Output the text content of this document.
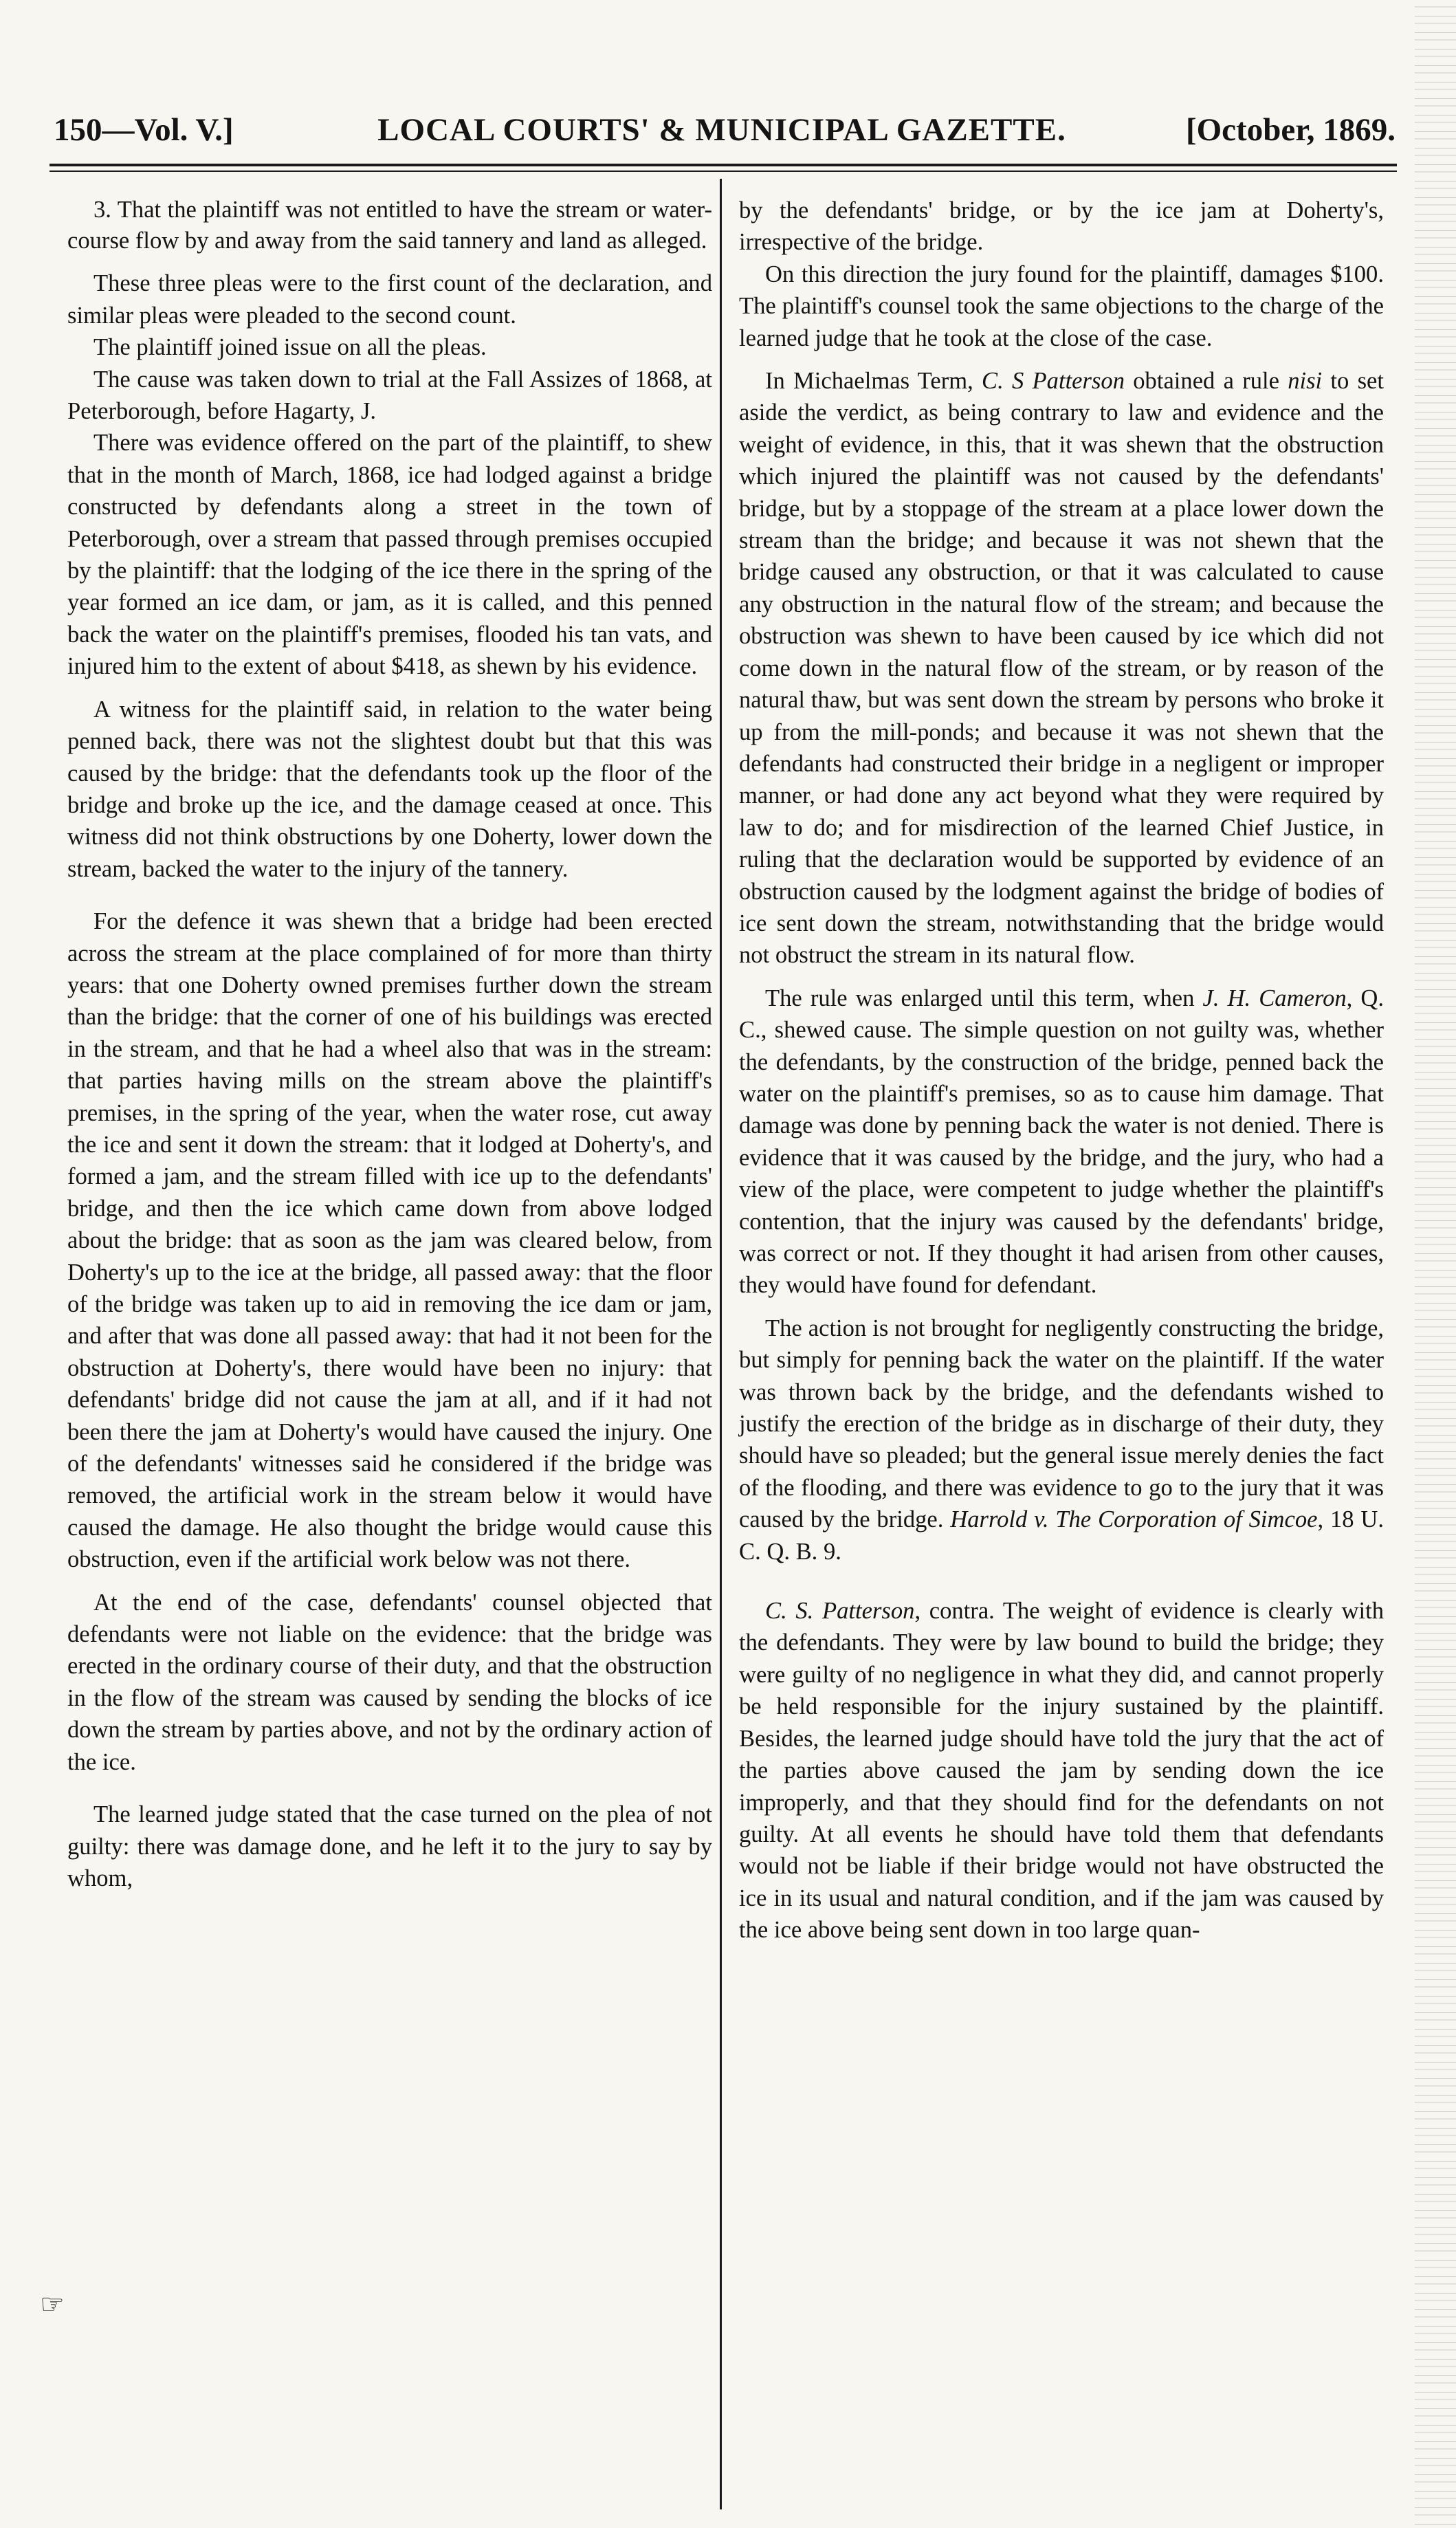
150—Vol. V.]	LOCAL COURTS' & MUNICIPAL GAZETTE.	[October, 1869.

3. That the plaintiff was not entitled to have the stream or water-course flow by and away from the said tannery and land as alleged.

These three pleas were to the first count of the declaration, and similar pleas were pleaded to the second count.

The plaintiff joined issue on all the pleas.

The cause was taken down to trial at the Fall Assizes of 1868, at Peterborough, before Hagarty, J.

There was evidence offered on the part of the plaintiff, to shew that in the month of March, 1868, ice had lodged against a bridge constructed by defendants along a street in the town of Peterborough, over a stream that passed through premises occupied by the plaintiff: that the lodging of the ice there in the spring of the year formed an ice dam, or jam, as it is called, and this penned back the water on the plaintiff's premises, flooded his tan vats, and injured him to the extent of about $418, as shewn by his evidence.

A witness for the plaintiff said, in relation to the water being penned back, there was not the slightest doubt but that this was caused by the bridge: that the defendants took up the floor of the bridge and broke up the ice, and the damage ceased at once. This witness did not think obstructions by one Doherty, lower down the stream, backed the water to the injury of the tannery.

For the defence it was shewn that a bridge had been erected across the stream at the place complained of for more than thirty years: that one Doherty owned premises further down the stream than the bridge: that the corner of one of his buildings was erected in the stream, and that he had a wheel also that was in the stream: that parties having mills on the stream above the plaintiff's premises, in the spring of the year, when the water rose, cut away the ice and sent it down the stream: that it lodged at Doherty's, and formed a jam, and the stream filled with ice up to the defendants' bridge, and then the ice which came down from above lodged about the bridge: that as soon as the jam was cleared below, from Doherty's up to the ice at the bridge, all passed away: that the floor of the bridge was taken up to aid in removing the ice dam or jam, and after that was done all passed away: that had it not been for the obstruction at Doherty's, there would have been no injury: that defendants' bridge did not cause the jam at all, and if it had not been there the jam at Doherty's would have caused the injury. One of the defendants' witnesses said he considered if the bridge was removed, the artificial work in the stream below it would have caused the damage. He also thought the bridge would cause this obstruction, even if the artificial work below was not there.

At the end of the case, defendants' counsel objected that defendants were not liable on the evidence: that the bridge was erected in the ordinary course of their duty, and that the obstruction in the flow of the stream was caused by sending the blocks of ice down the stream by parties above, and not by the ordinary action of the ice.

The learned judge stated that the case turned on the plea of not guilty: there was damage done, and he left it to the jury to say by whom,

☞

by the defendants' bridge, or by the ice jam at Doherty's, irrespective of the bridge.

On this direction the jury found for the plaintiff, damages $100. The plaintiff's counsel took the same objections to the charge of the learned judge that he took at the close of the case.

In Michaelmas Term, C. S Patterson obtained a rule nisi to set aside the verdict, as being contrary to law and evidence and the weight of evidence, in this, that it was shewn that the obstruction which injured the plaintiff was not caused by the defendants' bridge, but by a stoppage of the stream at a place lower down the stream than the bridge; and because it was not shewn that the bridge caused any obstruction, or that it was calculated to cause any obstruction in the natural flow of the stream; and because the obstruction was shewn to have been caused by ice which did not come down in the natural flow of the stream, or by reason of the natural thaw, but was sent down the stream by persons who broke it up from the mill-ponds; and because it was not shewn that the defendants had constructed their bridge in a negligent or improper manner, or had done any act beyond what they were required by law to do; and for misdirection of the learned Chief Justice, in ruling that the declaration would be supported by evidence of an obstruction caused by the lodgment against the bridge of bodies of ice sent down the stream, notwithstanding that the bridge would not obstruct the stream in its natural flow.

The rule was enlarged until this term, when J. H. Cameron, Q. C., shewed cause. The simple question on not guilty was, whether the defendants, by the construction of the bridge, penned back the water on the plaintiff's premises, so as to cause him damage. That damage was done by penning back the water is not denied. There is evidence that it was caused by the bridge, and the jury, who had a view of the place, were competent to judge whether the plaintiff's contention, that the injury was caused by the defendants' bridge, was correct or not. If they thought it had arisen from other causes, they would have found for defendant.

The action is not brought for negligently constructing the bridge, but simply for penning back the water on the plaintiff. If the water was thrown back by the bridge, and the defendants wished to justify the erection of the bridge as in discharge of their duty, they should have so pleaded; but the general issue merely denies the fact of the flooding, and there was evidence to go to the jury that it was caused by the bridge. Harrold v. The Corporation of Simcoe, 18 U. C. Q. B. 9.

C. S. Patterson, contra. The weight of evidence is clearly with the defendants. They were by law bound to build the bridge; they were guilty of no negligence in what they did, and cannot properly be held responsible for the injury sustained by the plaintiff. Besides, the learned judge should have told the jury that the act of the parties above caused the jam by sending down the ice improperly, and that they should find for the defendants on not guilty. At all events he should have told them that defendants would not be liable if their bridge would not have obstructed the ice in its usual and natural condition, and if the jam was caused by the ice above being sent down in too large quan-
